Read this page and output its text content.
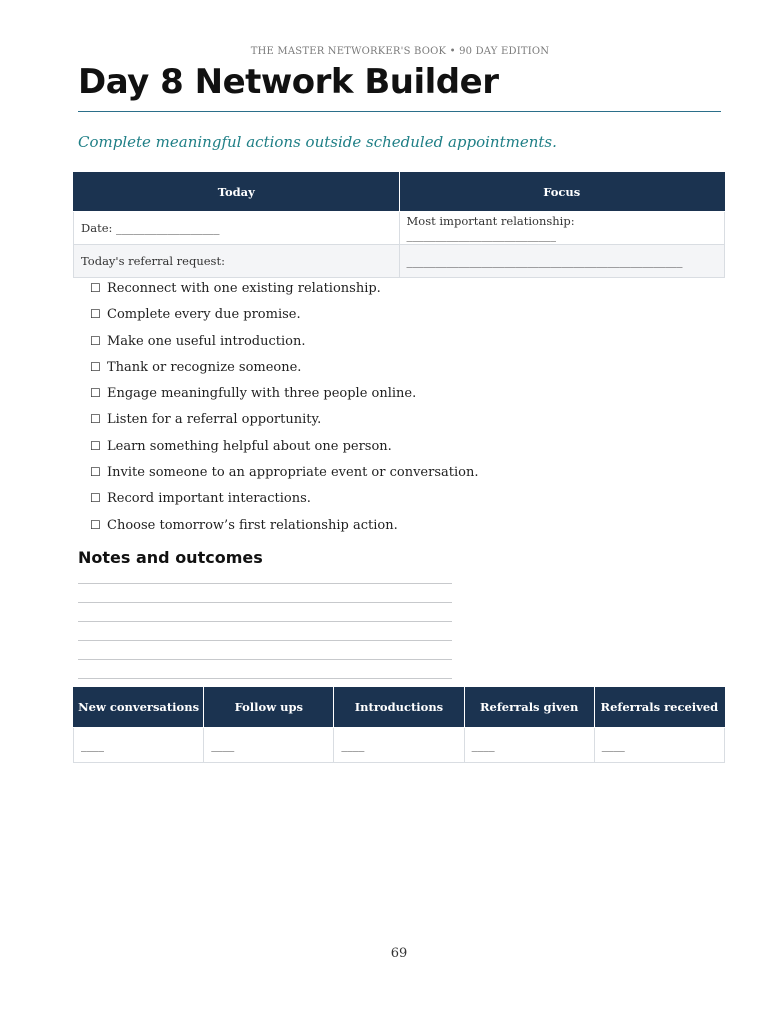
THE MASTER NETWORKER'S BOOK • 90 DAY EDITION
Day 8 Network Builder

Complete meaningful actions outside scheduled appointments.

Today	Focus
Date: __________________	Most important relationship: __________________________
Today's referral request:	________________________________________________
☐ Reconnect with one existing relationship.
☐ Complete every due promise.
☐ Make one useful introduction.
☐ Thank or recognize someone.
☐ Engage meaningfully with three people online.
☐ Listen for a referral opportunity.
☐ Learn something helpful about one person.
☐ Invite someone to an appropriate event or conversation.
☐ Record important interactions.
☐ Choose tomorrow’s first relationship action.
Notes and outcomes
New conversations	Follow ups	Introductions	Referrals given	Referrals received
____	____	____	____	____
69
